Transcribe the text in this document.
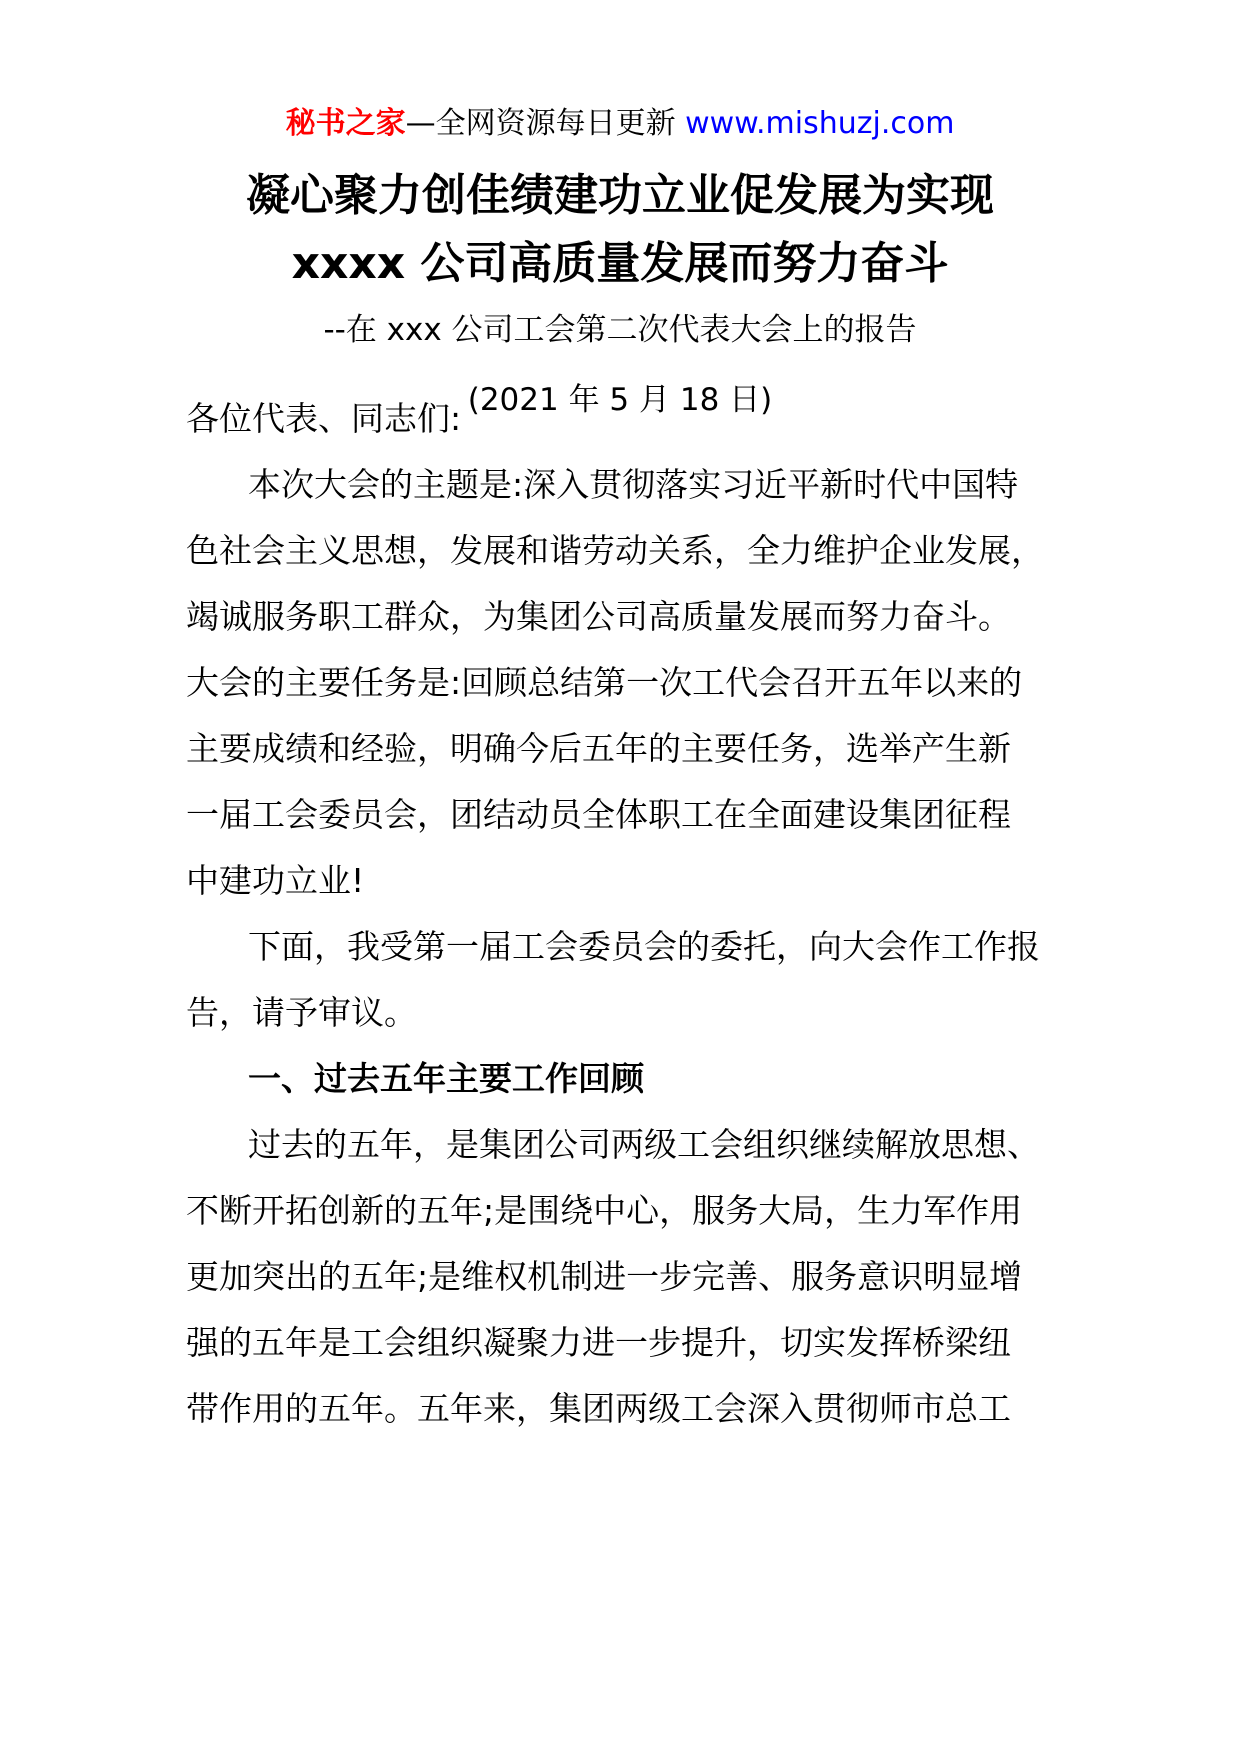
秘书之家—全网资源每日更新 www.mishuzj.com
凝心聚力创佳绩建功立业促发展为实现
xxxx 公司高质量发展而努力奋斗
--在 xxx 公司工会第二次代表大会上的报告
(2021 年 5 月 18 日)
各位代表、同志们:
本次大会的主题是:深入贯彻落实习近平新时代中国特
色社会主义思想，发展和谐劳动关系，全力维护企业发展，
竭诚服务职工群众，为集团公司高质量发展而努力奋斗。
大会的主要任务是:回顾总结第一次工代会召开五年以来的
主要成绩和经验，明确今后五年的主要任务，选举产生新
一届工会委员会，团结动员全体职工在全面建设集团征程
中建功立业!
下面，我受第一届工会委员会的委托，向大会作工作报
告，请予审议。
一、过去五年主要工作回顾
过去的五年，是集团公司两级工会组织继续解放思想、
不断开拓创新的五年;是围绕中心，服务大局，生力军作用
更加突出的五年;是维权机制进一步完善、服务意识明显增
强的五年是工会组织凝聚力进一步提升，切实发挥桥梁纽
带作用的五年。五年来，集团两级工会深入贯彻师市总工
